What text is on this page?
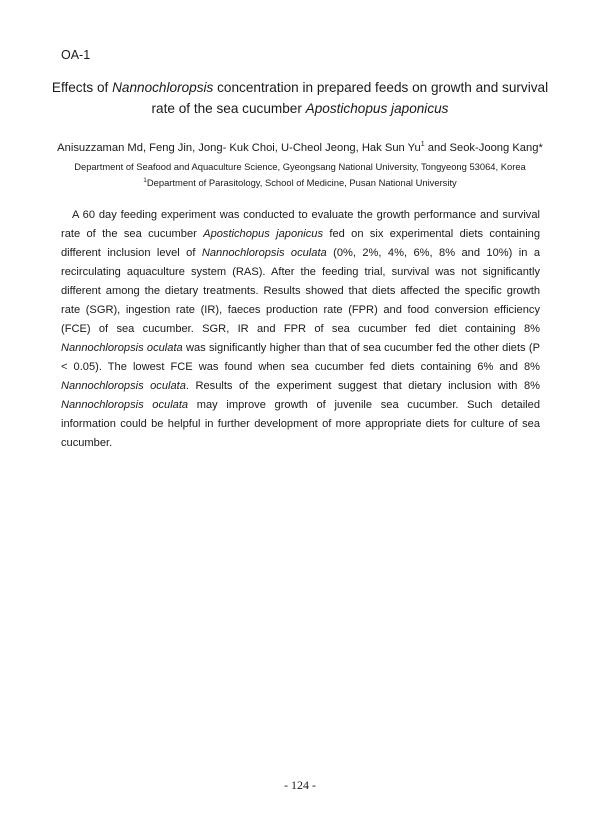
OA-1
Effects of Nannochloropsis concentration in prepared feeds on growth and survival rate of the sea cucumber Apostichopus japonicus

Anisuzzaman Md, Feng Jin, Jong- Kuk Choi, U-Cheol Jeong, Hak Sun Yu$^1$ and Seok-Joong Kang*

Department of Seafood and Aquaculture Science, Gyeongsang National University, Tongyeong 53064, Korea

$^1$Department of Parasitology, School of Medicine, Pusan National University

A 60 day feeding experiment was conducted to evaluate the growth performance and survival rate of the sea cucumber Apostichopus japonicus fed on six experimental diets containing different inclusion level of Nannochloropsis oculata (0%, 2%, 4%, 6%, 8% and 10%) in a recirculating aquaculture system (RAS). After the feeding trial, survival was not significantly different among the dietary treatments. Results showed that diets affected the specific growth rate (SGR), ingestion rate (IR), faeces production rate (FPR) and food conversion efficiency (FCE) of sea cucumber. SGR, IR and FPR of sea cucumber fed diet containing 8% Nannochloropsis oculata was significantly higher than that of sea cucumber fed the other diets (P < 0.05). The lowest FCE was found when sea cucumber fed diets containing 6% and 8% Nannochloropsis oculata. Results of the experiment suggest that dietary inclusion with 8% Nannochloropsis oculata may improve growth of juvenile sea cucumber. Such detailed information could be helpful in further development of more appropriate diets for culture of sea cucumber.

- 124 -
